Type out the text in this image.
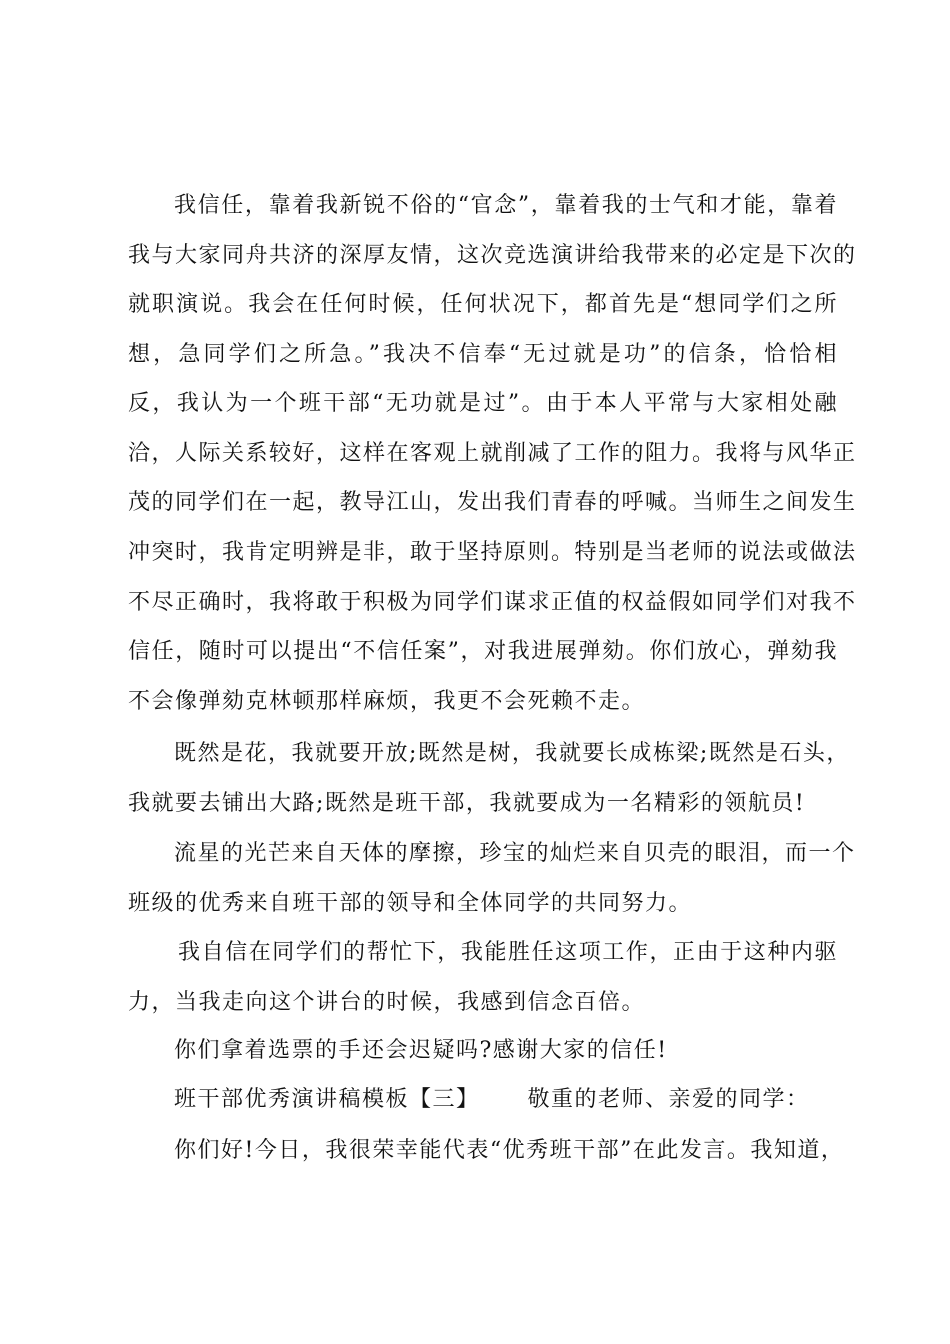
我信任，靠着我新锐不俗的“官念”，靠着我的士气和才能，靠着
我与大家同舟共济的深厚友情，这次竞选演讲给我带来的必定是下次的
就职演说。我会在任何时候，任何状况下，都首先是“想同学们之所
想，急同学们之所急。”我决不信奉“无过就是功”的信条，恰恰相
反，我认为一个班干部“无功就是过”。由于本人平常与大家相处融
洽，人际关系较好，这样在客观上就削减了工作的阻力。我将与风华正
茂的同学们在一起，教导江山，发出我们青春的呼喊。当师生之间发生
冲突时，我肯定明辨是非，敢于坚持原则。特别是当老师的说法或做法
不尽正确时，我将敢于积极为同学们谋求正值的权益假如同学们对我不
信任，随时可以提出“不信任案”，对我进展弹劾。你们放心，弹劾我
不会像弹劾克林顿那样麻烦，我更不会死赖不走。
既然是花，我就要开放;既然是树，我就要长成栋梁;既然是石头，
我就要去铺出大路;既然是班干部，我就要成为一名精彩的领航员!
流星的光芒来自天体的摩擦，珍宝的灿烂来自贝壳的眼泪，而一个
班级的优秀来自班干部的领导和全体同学的共同努力。
我自信在同学们的帮忙下，我能胜任这项工作，正由于这种内驱
力，当我走向这个讲台的时候，我感到信念百倍。
你们拿着选票的手还会迟疑吗?感谢大家的信任!
班干部优秀演讲稿模板【三】 敬重的老师、亲爱的同学：
你们好!今日，我很荣幸能代表“优秀班干部”在此发言。我知道，
